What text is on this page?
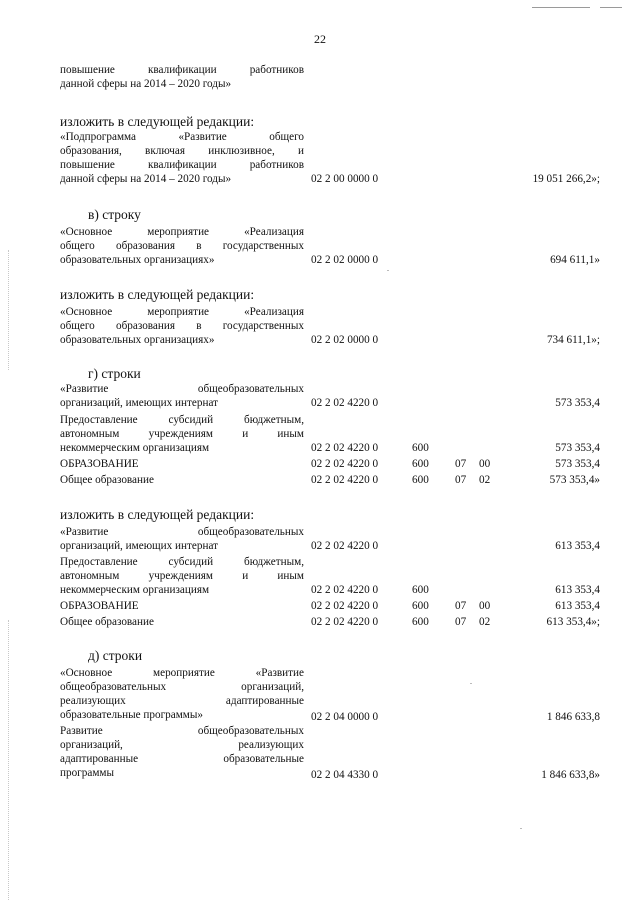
22
повышение квалификации работников
данной сферы на 2014 – 2020 годы»
изложить в следующей редакции:
«Подпрограмма «Развитие общего
образования, включая инклюзивное, и
повышение квалификации работников
данной сферы на 2014 – 2020 годы»	02 2 00 0000 0	19 051 266,2»;
в) строку
«Основное мероприятие «Реализация
общего образования в государственных
образовательных организациях»	02 2 02 0000 0	694 611,1»
изложить в следующей редакции:
«Основное мероприятие «Реализация
общего образования в государственных
образовательных организациях»	02 2 02 0000 0	734 611,1»;
г) строки
«Развитие общеобразовательных
организаций, имеющих интернат	02 2 02 4220 0	573 353,4
Предоставление субсидий бюджетным,
автономным учреждениям и иным
некоммерческим организациям	02 2 02 4220 0	600	573 353,4
ОБРАЗОВАНИЕ	02 2 02 4220 0	600 07 00	573 353,4
Общее образование	02 2 02 4220 0	600 07 02	573 353,4»
изложить в следующей редакции:
«Развитие общеобразовательных
организаций, имеющих интернат	02 2 02 4220 0	613 353,4
Предоставление субсидий бюджетным,
автономным учреждениям и иным
некоммерческим организациям	02 2 02 4220 0	600	613 353,4
ОБРАЗОВАНИЕ	02 2 02 4220 0	600 07 00	613 353,4
Общее образование	02 2 02 4220 0	600 07 02	613 353,4»;
д) строки
«Основное мероприятие «Развитие
общеобразовательных организаций,
реализующих адаптированные
образовательные программы»	02 2 04 0000 0	1 846 633,8
Развитие общеобразовательных
организаций, реализующих
адаптированные образовательные
программы	02 2 04 4330 0	1 846 633,8»
